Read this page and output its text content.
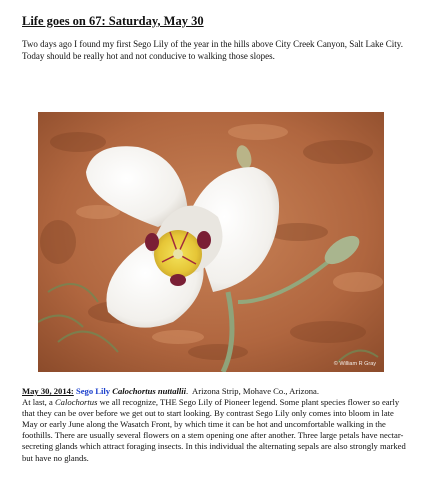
Life goes on 67: Saturday, May 30
Two days ago I found my first Sego Lily of the year in the hills above City Creek Canyon, Salt Lake City. Today should be really hot and not conducive to walking those slopes.
© William R Gray
May 30, 2014: Sego Lily Calochortus nuttallii.  Arizona Strip, Mohave Co., Arizona.
At last, a Calochortus we all recognize, THE Sego Lily of Pioneer legend. Some plant species flower so early that they can be over before we get out to start looking. By contrast Sego Lily only comes into bloom in late May or early June along the Wasatch Front, by which time it can be hot and uncomfortable walking in the foothills. There are usually several flowers on a stem opening one after another. Three large petals have nectar-secreting glands which attract foraging insects. In this individual the alternating sepals are also strongly marked but have no glands.
